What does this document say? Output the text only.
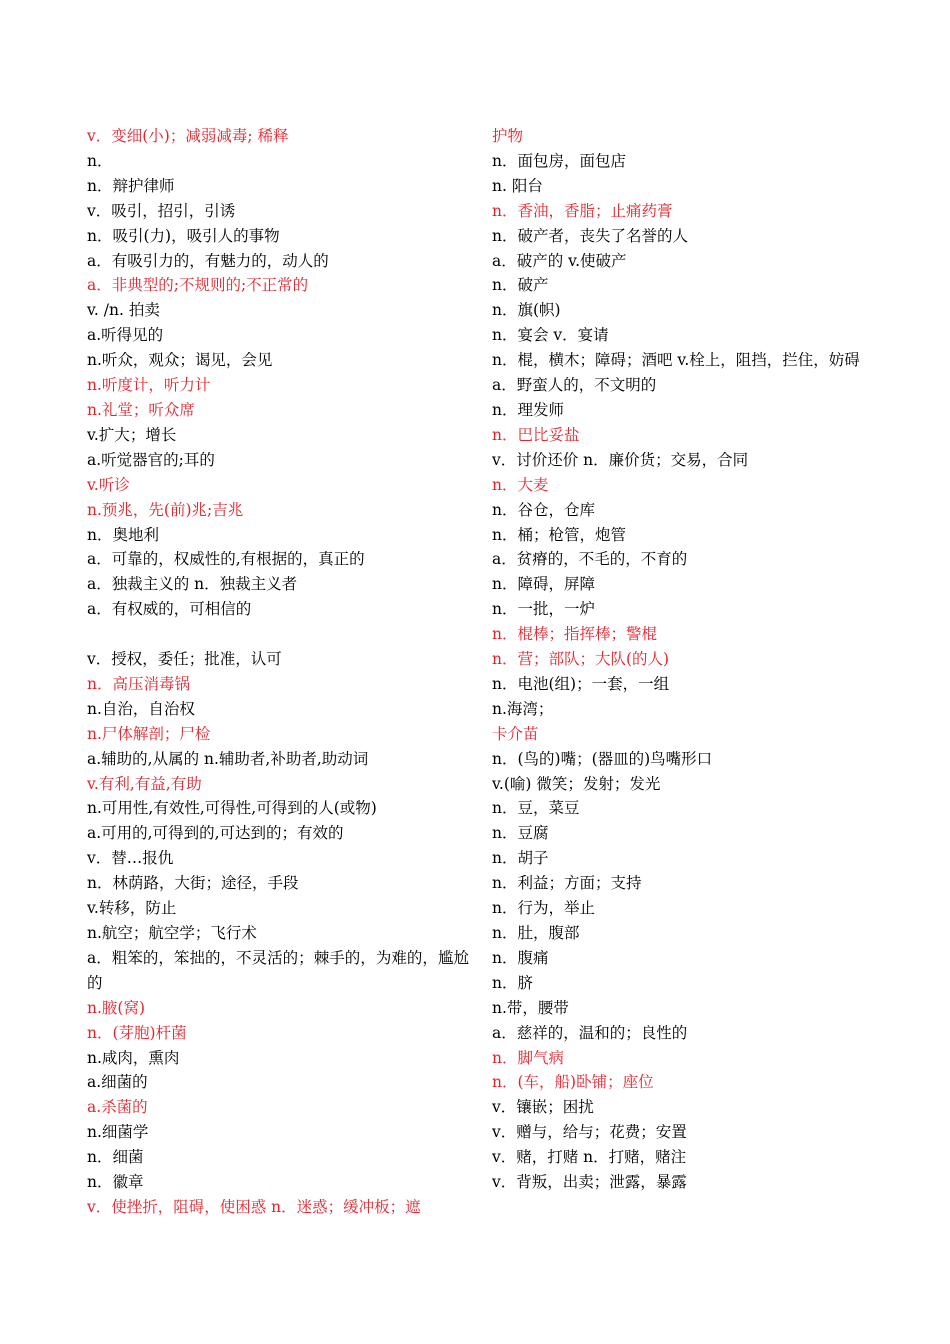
v．变细(小)；减弱减毒; 稀释
n．
n．辩护律师
v．吸引，招引，引诱
n．吸引(力)，吸引人的事物
a．有吸引力的，有魅力的，动人的
a．非典型的;不规则的;不正常的
v. /n. 拍卖
a.听得见的
n.听众，观众；谒见，会见
n.听度计，听力计
n.礼堂；听众席
v.扩大；增长
a.听觉器官的;耳的
v.听诊
n.预兆，先(前)兆;吉兆
n．奥地利
a．可靠的，权威性的,有根据的，真正的
a．独裁主义的 n．独裁主义者
a．有权威的，可相信的
v．授权，委任；批准，认可
n．高压消毒锅
n.自治，自治权
n.尸体解剖；尸检
a.辅助的,从属的 n.辅助者,补助者,助动词
v.有利,有益,有助
n.可用性,有效性,可得性,可得到的人(或物)
a.可用的,可得到的,可达到的；有效的
v．替…报仇
n．林荫路，大街；途径，手段
v.转移，防止
n.航空；航空学；飞行术
a．粗笨的，笨拙的，不灵活的；棘手的，为难的，尴尬的
n.腋(窝)
n．(芽胞)杆菌
n.咸肉，熏肉
a.细菌的
a.杀菌的
n.细菌学
n．细菌
n．徽章
v．使挫折，阻碍，使困惑 n．迷惑；缓冲板；遮
护物
n．面包房，面包店
n. 阳台
n．香油，香脂；止痛药膏
n．破产者，丧失了名誉的人
a．破产的 v.使破产
n．破产
n．旗(帜)
n．宴会 v．宴请
n．棍，横木；障碍；酒吧 v.栓上，阻挡，拦住，妨碍
a．野蛮人的，不文明的
n．理发师
n．巴比妥盐
v．讨价还价 n．廉价货；交易，合同
n．大麦
n．谷仓，仓库
n．桶；枪管，炮管
a．贫瘠的，不毛的，不育的
n．障碍，屏障
n．一批，一炉
n．棍棒；指挥棒；警棍
n．营；部队；大队(的人)
n．电池(组)；一套，一组
n.海湾；
卡介苗
n．(鸟的)嘴；(器皿的)鸟嘴形口
v.(喻) 微笑；发射；发光
n．豆，菜豆
n．豆腐
n．胡子
n．利益；方面；支持
n．行为，举止
n．肚，腹部
n．腹痛
n．脐
n.带，腰带
a．慈祥的，温和的；良性的
n．脚气病
n．(车，船)卧铺；座位
v．镶嵌；困扰
v．赠与，给与；花费；安置
v．赌，打赌 n．打赌，赌注
v．背叛，出卖；泄露，暴露
